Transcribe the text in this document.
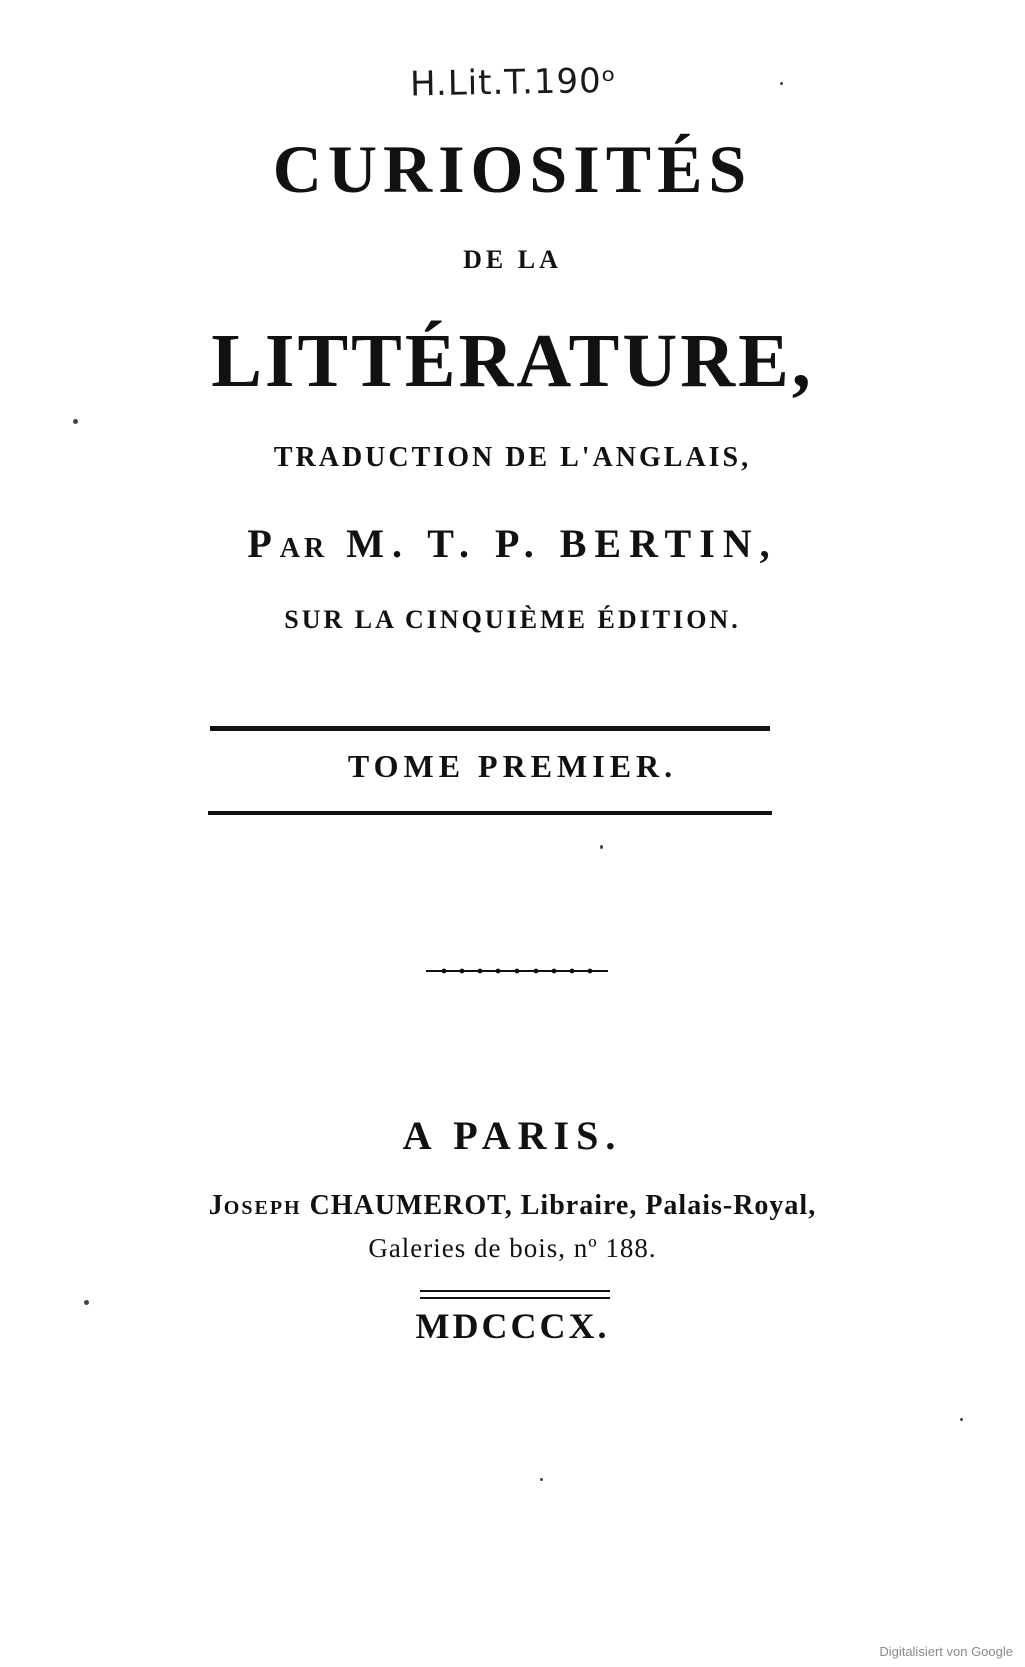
H.Lit.T.190ᵒ
CURIOSITÉS
DE LA
LITTÉRATURE,
TRADUCTION DE L'ANGLAIS,
PAR M. T. P. BERTIN,
SUR LA CINQUIÈME ÉDITION.
TOME PREMIER.
A PARIS.
JOSEPH CHAUMEROT, Libraire, Palais-Royal,
Galeries de bois, nº 188.
MDCCCX.
Digitalisiert von Google
